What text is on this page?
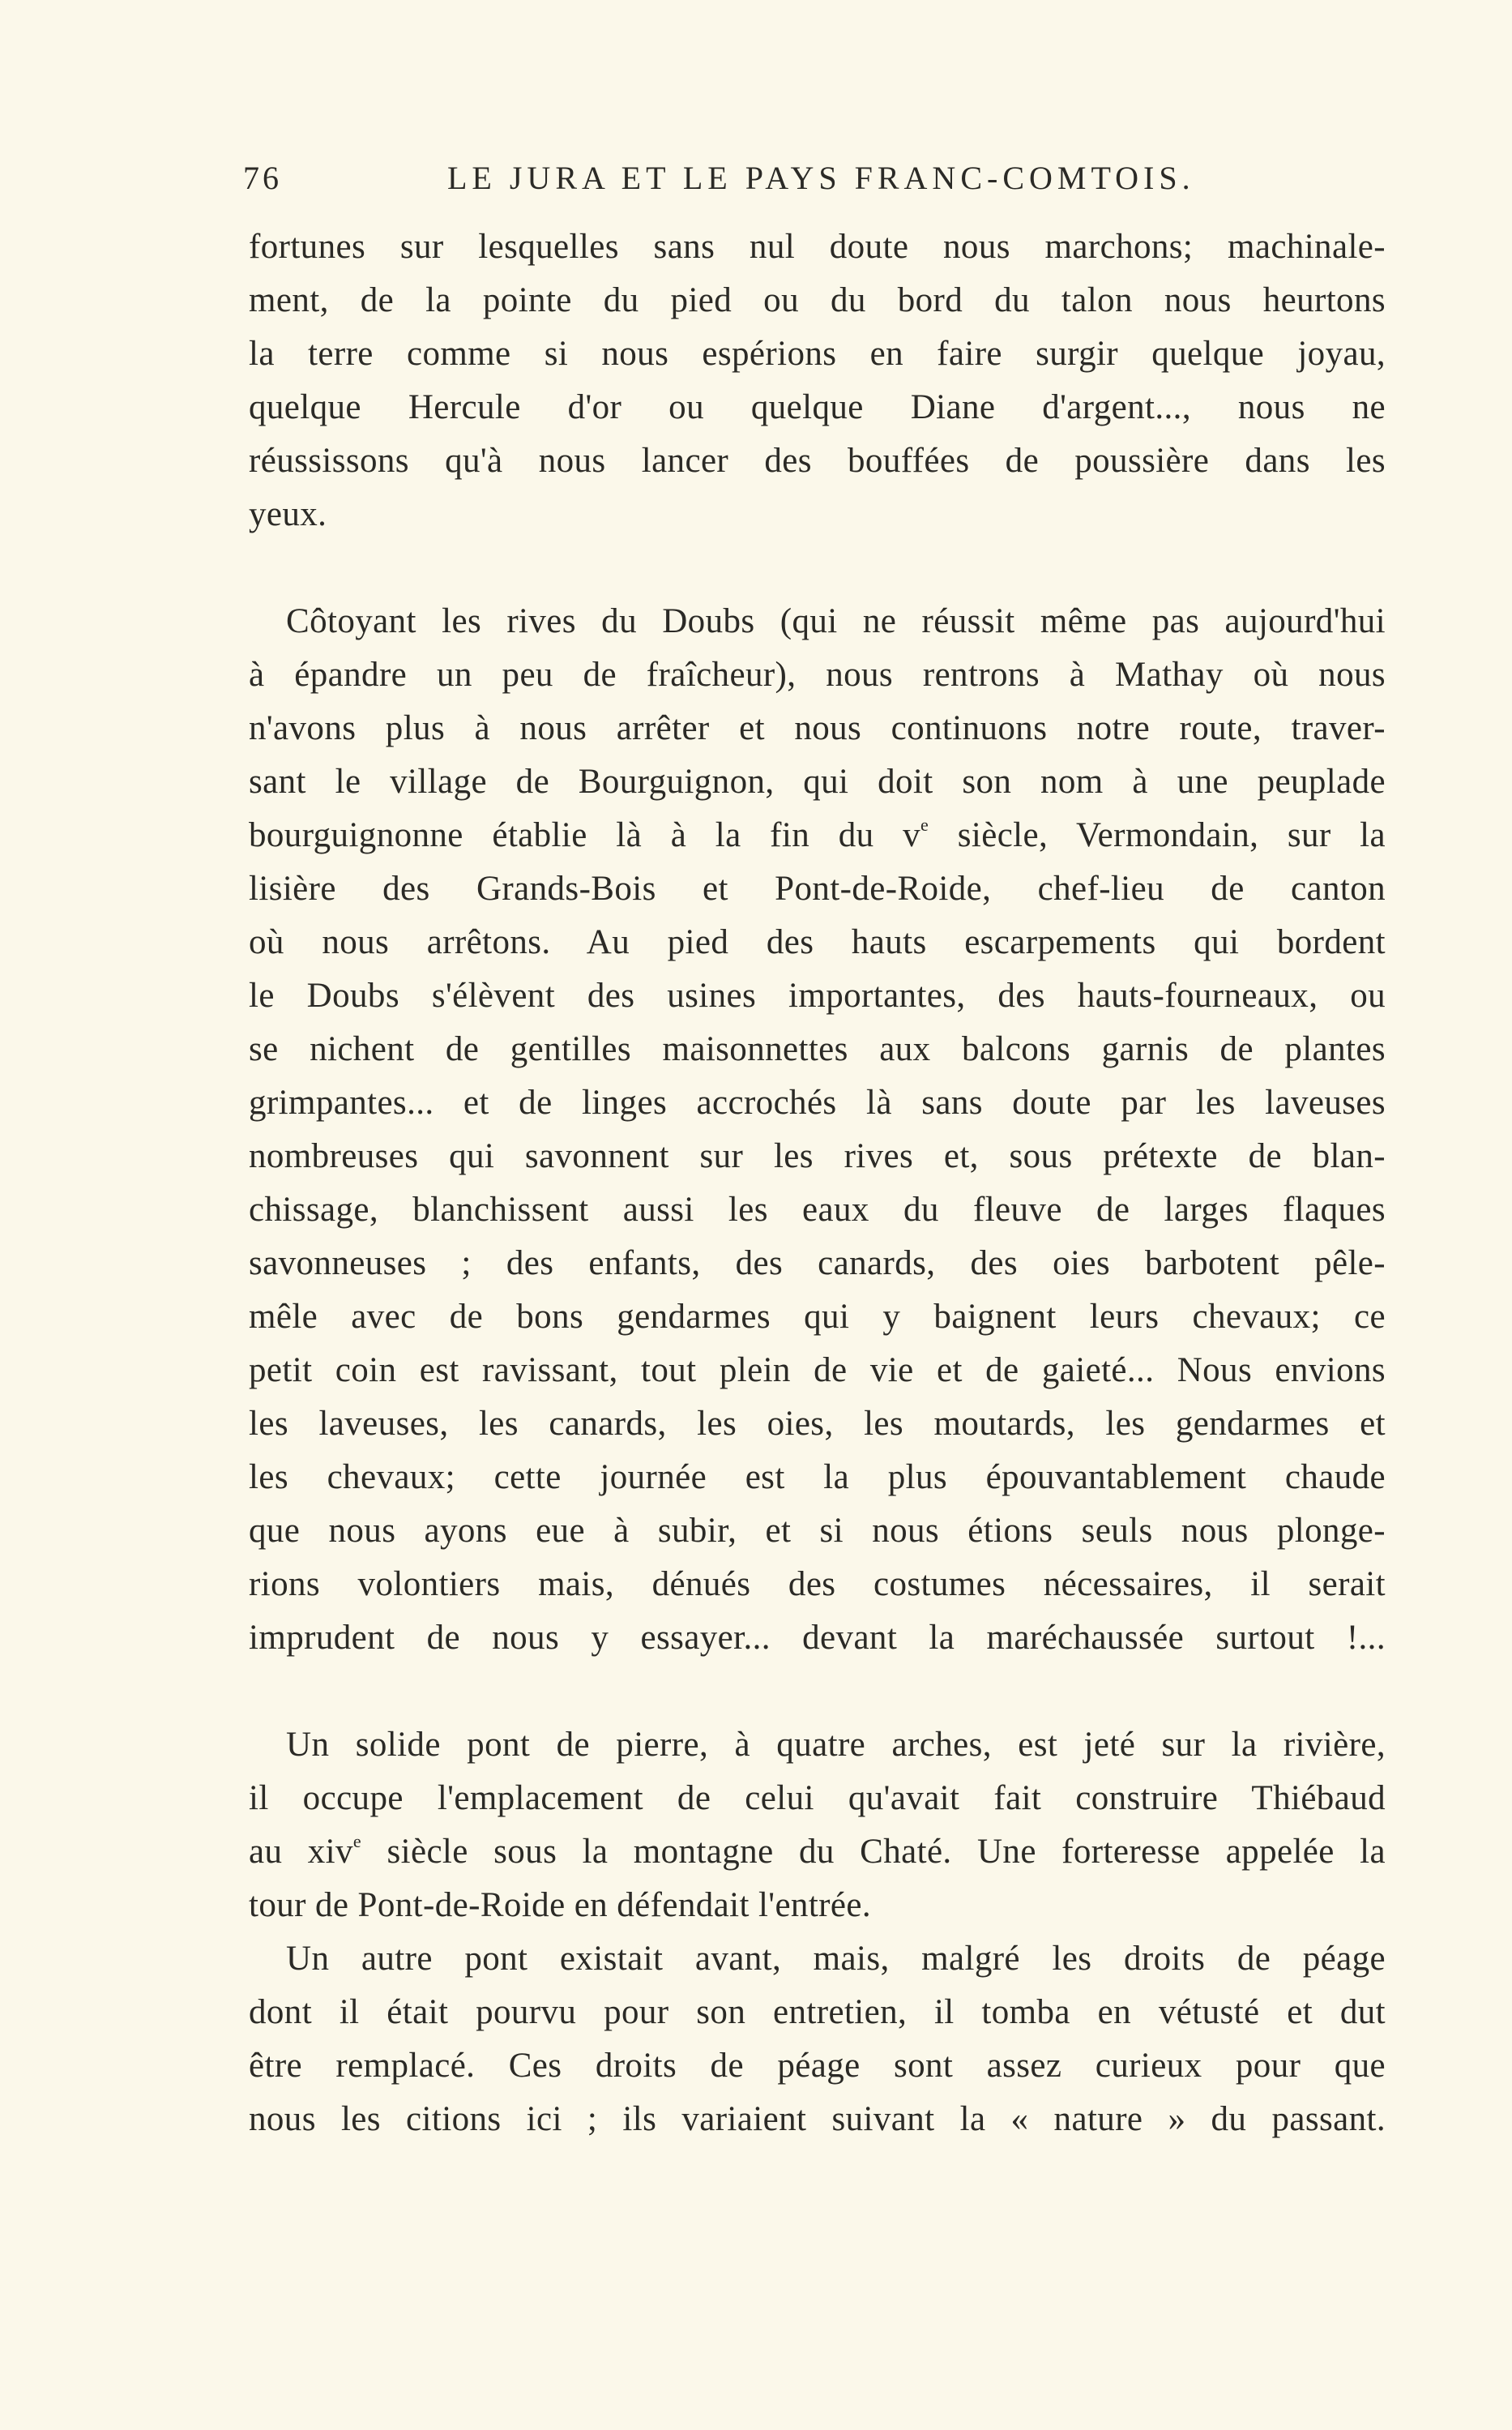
76	LE JURA ET LE PAYS FRANC-COMTOIS.
fortunes sur lesquelles sans nul doute nous marchons; machinale-
ment, de la pointe du pied ou du bord du talon nous heurtons
la terre comme si nous espérions en faire surgir quelque joyau,
quelque Hercule d'or ou quelque Diane d'argent..., nous ne
réussissons qu'à nous lancer des bouffées de poussière dans les
yeux.
Côtoyant les rives du Doubs (qui ne réussit même pas aujourd'hui
à épandre un peu de fraîcheur), nous rentrons à Mathay où nous
n'avons plus à nous arrêter et nous continuons notre route, traver-
sant le village de Bourguignon, qui doit son nom à une peuplade
bourguignonne établie là à la fin du $v^e$ siècle, Vermondain, sur la
lisière des Grands-Bois et Pont-de-Roide, chef-lieu de canton
où nous arrêtons. Au pied des hauts escarpements qui bordent
le Doubs s'élèvent des usines importantes, des hauts-fourneaux, ou
se nichent de gentilles maisonnettes aux balcons garnis de plantes
grimpantes... et de linges accrochés là sans doute par les laveuses
nombreuses qui savonnent sur les rives et, sous prétexte de blan-
chissage, blanchissent aussi les eaux du fleuve de larges flaques
savonneuses ; des enfants, des canards, des oies barbotent pêle-
mêle avec de bons gendarmes qui y baignent leurs chevaux; ce
petit coin est ravissant, tout plein de vie et de gaieté... Nous envions
les laveuses, les canards, les oies, les moutards, les gendarmes et
les chevaux; cette journée est la plus épouvantablement chaude
que nous ayons eue à subir, et si nous étions seuls nous plonge-
rions volontiers mais, dénués des costumes nécessaires, il serait
imprudent de nous y essayer... devant la maréchaussée surtout !...
Un solide pont de pierre, à quatre arches, est jeté sur la rivière,
il occupe l'emplacement de celui qu'avait fait construire Thiébaud
au xiv$^e$ siècle sous la montagne du Chaté. Une forteresse appelée la
tour de Pont-de-Roide en défendait l'entrée.
Un autre pont existait avant, mais, malgré les droits de péage
dont il était pourvu pour son entretien, il tomba en vétusté et dut
être remplacé. Ces droits de péage sont assez curieux pour que
nous les citions ici ; ils variaient suivant la « nature » du passant.
